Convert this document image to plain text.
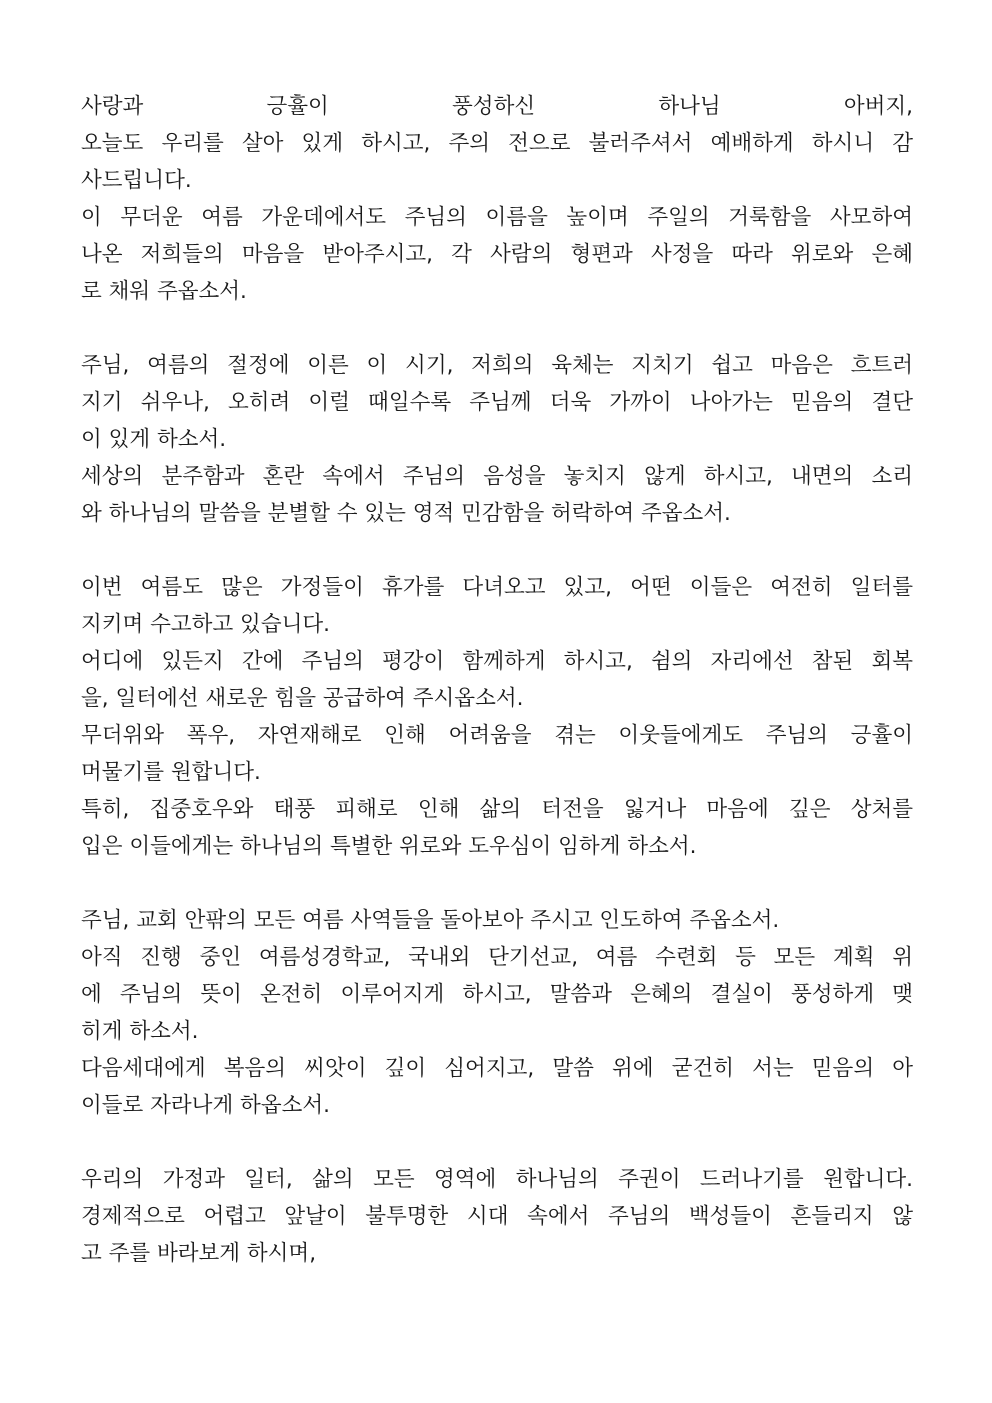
사랑과 긍휼이 풍성하신 하나님 아버지,
오늘도 우리를 살아 있게 하시고, 주의 전으로 불러주셔서 예배하게 하시니 감
사드립니다.
이 무더운 여름 가운데에서도 주님의 이름을 높이며 주일의 거룩함을 사모하여
나온 저희들의 마음을 받아주시고, 각 사람의 형편과 사정을 따라 위로와 은혜
로 채워 주옵소서.
주님, 여름의 절정에 이른 이 시기, 저희의 육체는 지치기 쉽고 마음은 흐트러
지기 쉬우나, 오히려 이럴 때일수록 주님께 더욱 가까이 나아가는 믿음의 결단
이 있게 하소서.
세상의 분주함과 혼란 속에서 주님의 음성을 놓치지 않게 하시고, 내면의 소리
와 하나님의 말씀을 분별할 수 있는 영적 민감함을 허락하여 주옵소서.
이번 여름도 많은 가정들이 휴가를 다녀오고 있고, 어떤 이들은 여전히 일터를
지키며 수고하고 있습니다.
어디에 있든지 간에 주님의 평강이 함께하게 하시고, 쉼의 자리에선 참된 회복
을, 일터에선 새로운 힘을 공급하여 주시옵소서.
무더위와 폭우, 자연재해로 인해 어려움을 겪는 이웃들에게도 주님의 긍휼이
머물기를 원합니다.
특히, 집중호우와 태풍 피해로 인해 삶의 터전을 잃거나 마음에 깊은 상처를
입은 이들에게는 하나님의 특별한 위로와 도우심이 임하게 하소서.
주님, 교회 안팎의 모든 여름 사역들을 돌아보아 주시고 인도하여 주옵소서.
아직 진행 중인 여름성경학교, 국내외 단기선교, 여름 수련회 등 모든 계획 위
에 주님의 뜻이 온전히 이루어지게 하시고, 말씀과 은혜의 결실이 풍성하게 맺
히게 하소서.
다음세대에게 복음의 씨앗이 깊이 심어지고, 말씀 위에 굳건히 서는 믿음의 아
이들로 자라나게 하옵소서.
우리의 가정과 일터, 삶의 모든 영역에 하나님의 주권이 드러나기를 원합니다.
경제적으로 어렵고 앞날이 불투명한 시대 속에서 주님의 백성들이 흔들리지 않
고 주를 바라보게 하시며,
